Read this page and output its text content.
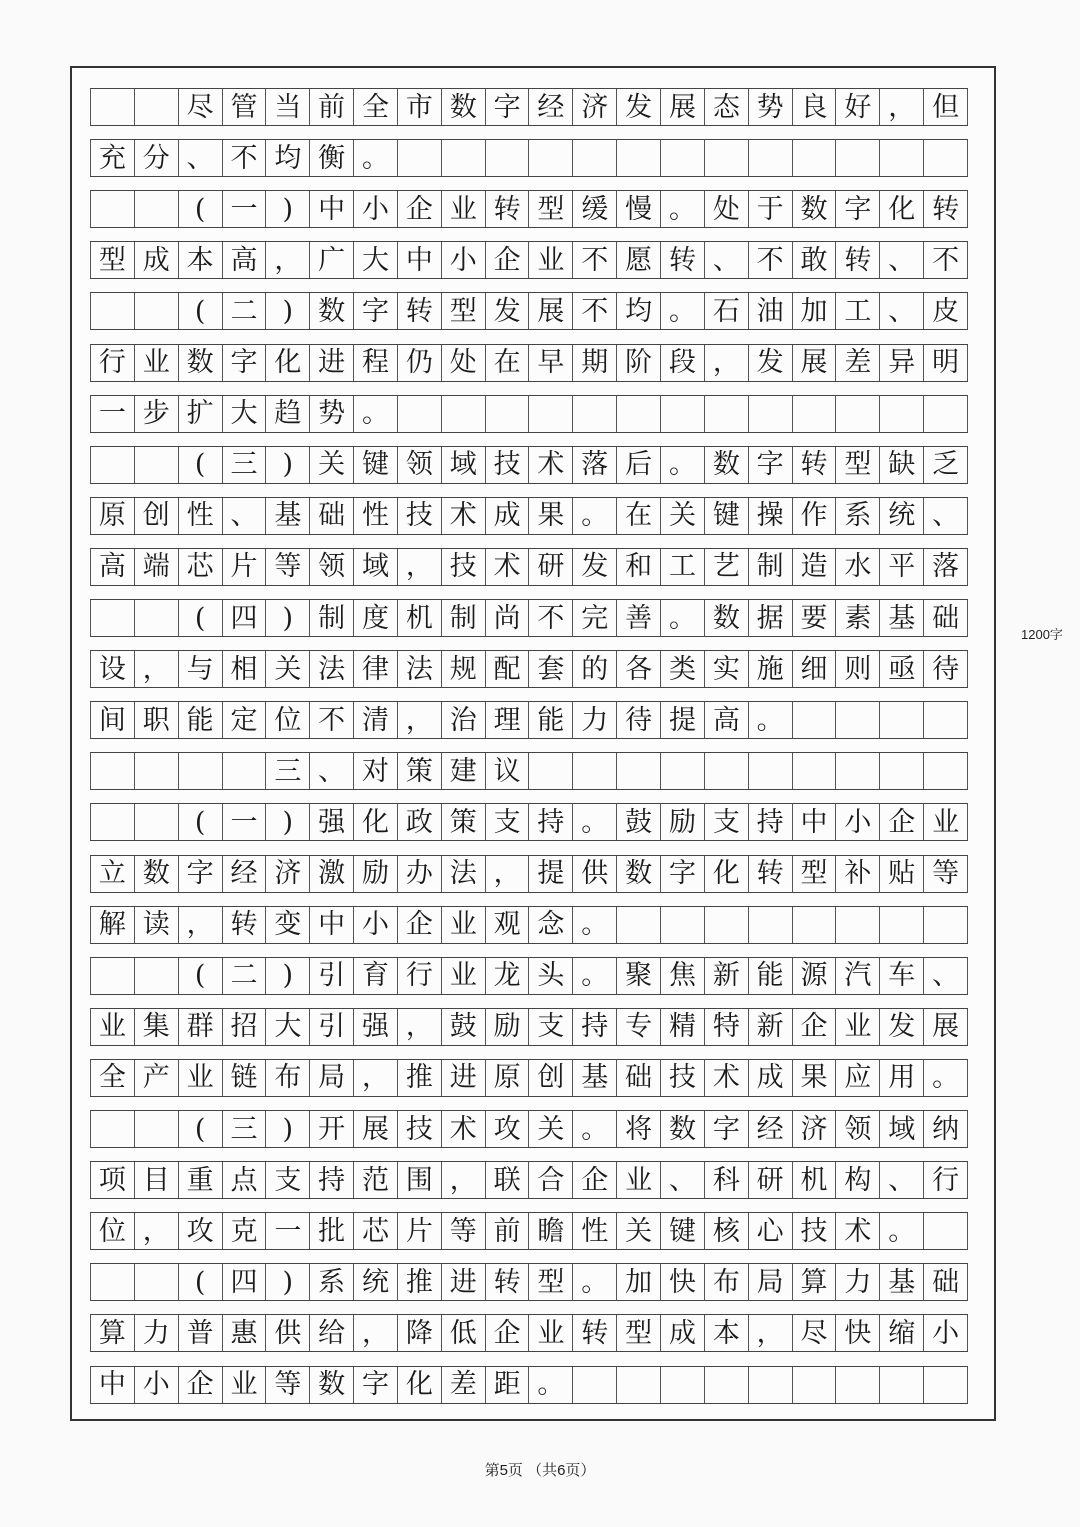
尽 管 当 前 全 市 数 字 经 济 发 展 态 势 良 好 ， 但
充 分 、 不 均 衡 。
( 一 ) 中 小 企 业 转 型 缓 慢 。 处 于 数 字 化 转
型 成 本 高 ， 广 大 中 小 企 业 不 愿 转 、 不 敢 转 、 不
( 二 ) 数 字 转 型 发 展 不 均 。 石 油 加 工 、 皮
行 业 数 字 化 进 程 仍 处 在 早 期 阶 段 ， 发 展 差 异 明
一 步 扩 大 趋 势 。
( 三 ) 关 键 领 域 技 术 落 后 。 数 字 转 型 缺 乏
原 创 性 、 基 础 性 技 术 成 果 。 在 关 键 操 作 系 统 、
高 端 芯 片 等 领 域 ， 技 术 研 发 和 工 艺 制 造 水 平 落
( 四 ) 制 度 机 制 尚 不 完 善 。 数 据 要 素 基 础
设 ， 与 相 关 法 律 法 规 配 套 的 各 类 实 施 细 则 亟 待
间 职 能 定 位 不 清 ， 治 理 能 力 待 提 高 。
三 、 对 策 建 议
( 一 ) 强 化 政 策 支 持 。 鼓 励 支 持 中 小 企 业
立 数 字 经 济 激 励 办 法 ， 提 供 数 字 化 转 型 补 贴 等
解 读 ， 转 变 中 小 企 业 观 念 。
( 二 ) 引 育 行 业 龙 头 。 聚 焦 新 能 源 汽 车 、
业 集 群 招 大 引 强 ， 鼓 励 支 持 专 精 特 新 企 业 发 展
全 产 业 链 布 局 ， 推 进 原 创 基 础 技 术 成 果 应 用 。
( 三 ) 开 展 技 术 攻 关 。 将 数 字 经 济 领 域 纳
项 目 重 点 支 持 范 围 ， 联 合 企 业 、 科 研 机 构 、 行
位 ， 攻 克 一 批 芯 片 等 前 瞻 性 关 键 核 心 技 术 。
( 四 ) 系 统 推 进 转 型 。 加 快 布 局 算 力 基 础
算 力 普 惠 供 给 ， 降 低 企 业 转 型 成 本 ， 尽 快 缩 小
中 小 企 业 等 数 字 化 差 距 。
1200字
第5页 （共6页）
